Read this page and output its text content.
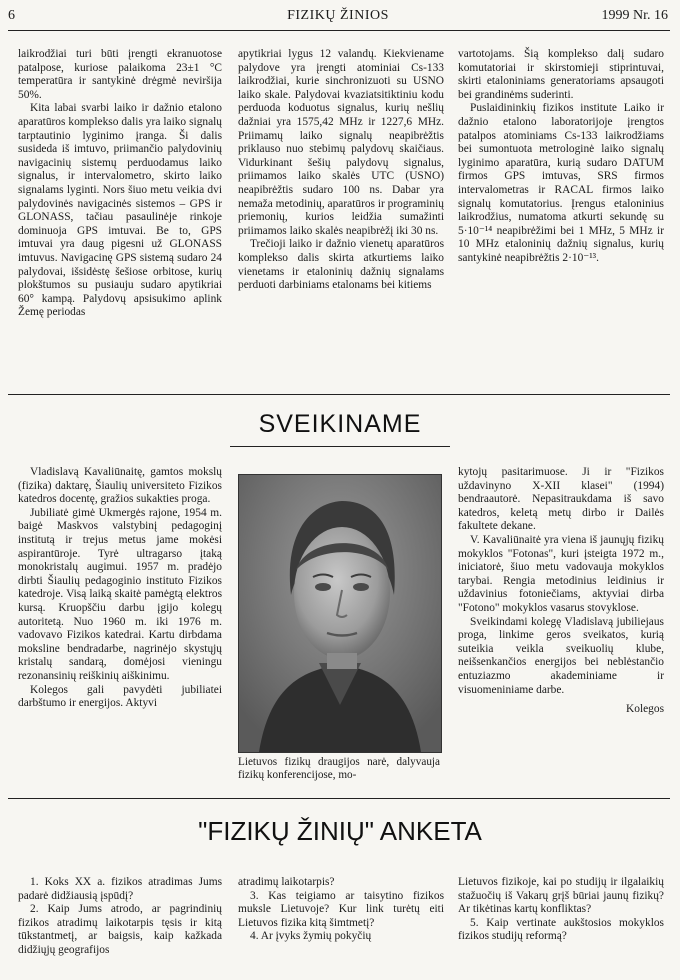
6	FIZIKŲ ŽINIOS	1999 Nr. 16

laikrodžiai turi būti įrengti ekranuotose patalpose, kuriose palaikoma 23±1 °C temperatūra ir santykinė drėgmė neviršija 50%.

Kita labai svarbi laiko ir dažnio etalono aparatūros komplekso dalis yra laiko signalų tarptautinio lyginimo įranga. Ši dalis susideda iš imtuvo, priimančio palydovinių navigacinių sistemų perduodamus laiko signalus, ir intervalometro, skirto laiko signalams lyginti. Nors šiuo metu veikia dvi palydovinės navigacinės sistemos – GPS ir GLONASS, tačiau pasaulinėje rinkoje dominuoja GPS imtuvai. Be to, GPS imtuvai yra daug pigesni už GLONASS imtuvus. Navigacinę GPS sistemą sudaro 24 palydovai, išsidėstę šešiose orbitose, kurių plokštumos su pusiauju sudaro apytikriai 60° kampą. Palydovų apsisukimo aplink Žemę periodas

apytikriai lygus 12 valandų. Kiekviename palydove yra įrengti atominiai Cs-133 laikrodžiai, kurie sinchronizuoti su USNO laiko skale. Palydovai kvaziatsitiktiniu kodu perduoda koduotus signalus, kurių nešlių dažniai yra 1575,42 MHz ir 1227,6 MHz. Priimamų laiko signalų neapibrėžtis priklauso nuo stebimų palydovų skaičiaus. Vidurkinant šešių palydovų signalus, priimamos laiko skalės UTC (USNO) neapibrėžtis sudaro 100 ns. Dabar yra nemaža metodinių, aparatūros ir programinių priemonių, kurios leidžia sumažinti priimamos laiko skalės neapibrėžį iki 30 ns.

Trečioji laiko ir dažnio vienetų aparatūros komplekso dalis skirta atkurtiems laiko vienetams ir etaloninių dažnių signalams perduoti darbiniams etalonams bei kitiems

vartotojams. Šią komplekso dalį sudaro komutatoriai ir skirstomieji stiprintuvai, skirti etaloniniams generatoriams apsaugoti bei grandinėms suderinti.

Puslaidininkių fizikos institute Laiko ir dažnio etalono laboratorijoje įrengtos patalpos atominiams Cs-133 laikrodžiams bei sumontuota metrologinė laiko signalų lyginimo aparatūra, kurią sudaro DATUM firmos GPS imtuvas, SRS firmos intervalometras ir RACAL firmos laiko signalų komutatorius. Įrengus etaloninius laikrodžius, numatoma atkurti sekundę su 5·10⁻¹⁴ neapibrėžimi bei 1 MHz, 5 MHz ir 10 MHz etaloninių dažnių signalus, kurių santykinė neapibrėžtis 2·10⁻¹³.

SVEIKINAME

Vladislavą Kavaliūnaitę, gamtos mokslų (fizika) daktarę, Šiaulių universiteto Fizikos katedros docentę, gražios sukakties proga.

Jubiliatė gimė Ukmergės rajone, 1954 m. baigė Maskvos valstybinį pedagoginį institutą ir trejus metus jame mokėsi aspirantūroje. Tyrė ultragarso įtaką monokristalų augimui. 1957 m. pradėjo dirbti Šiaulių pedagoginio instituto Fizikos katedroje. Visą laiką skaitė pamėgtą elektros kursą. Kruopščiu darbu įgijo kolegų autoritetą. Nuo 1960 m. iki 1976 m. vadovavo Fizikos katedrai. Kartu dirbdama moksline bendradarbe, nagrinėjo skystųjų kristalų sandarą, domėjosi vieningu rezonansinių reiškinių aiškinimu.

Kolegos gali pavydėti jubiliatei darbštumo ir energijos. Aktyvi

Lietuvos fizikų draugijos narė, dalyvauja fizikų konferencijose, mo-

kytojų pasitarimuose. Ji ir "Fizikos uždavinyno X-XII klasei" (1994) bendraautorė. Nepasitraukdama iš savo katedros, keletą metų dirbo ir Dailės fakultete dekane.

V. Kavaliūnaitė yra viena iš jaunųjų fizikų mokyklos "Fotonas", kuri įsteigta 1972 m., iniciatorė, šiuo metu vadovauja mokyklos tarybai. Rengia metodinius leidinius ir uždavinius fotoniečiams, aktyviai dirba "Fotono" mokyklos vasarus stovyklose.

Sveikindami kolegę Vladislavą jubiliejaus proga, linkime geros sveikatos, kurią suteikia veikla sveikuolių klube, neišsenkančios energijos bei neblėstančio entuziazmo akademiniame ir visuomeniniame darbe.

Kolegos

"FIZIKŲ ŽINIŲ" ANKETA

1. Koks XX a. fizikos atradimas Jums padarė didžiausią įspūdį?

2. Kaip Jums atrodo, ar pagrindinių fizikos atradimų laikotarpis tęsis ir kitą tūkstantmetį, ar baigsis, kaip kažkada didžiųjų geografijos

atradimų laikotarpis?

3. Kas teigiamo ar taisytino fizikos muksle Lietuvoje? Kur link turėtų eiti Lietuvos fizika kitą šimtmetį?

4. Ar įvyks žymių pokyčių

Lietuvos fizikoje, kai po studijų ir ilgalaikių stažuočių iš Vakarų grįš būriai jaunų fizikų? Ar tikėtinas kartų konfliktas?

5. Kaip vertinate aukštosios mokyklos fizikos studijų reformą?
